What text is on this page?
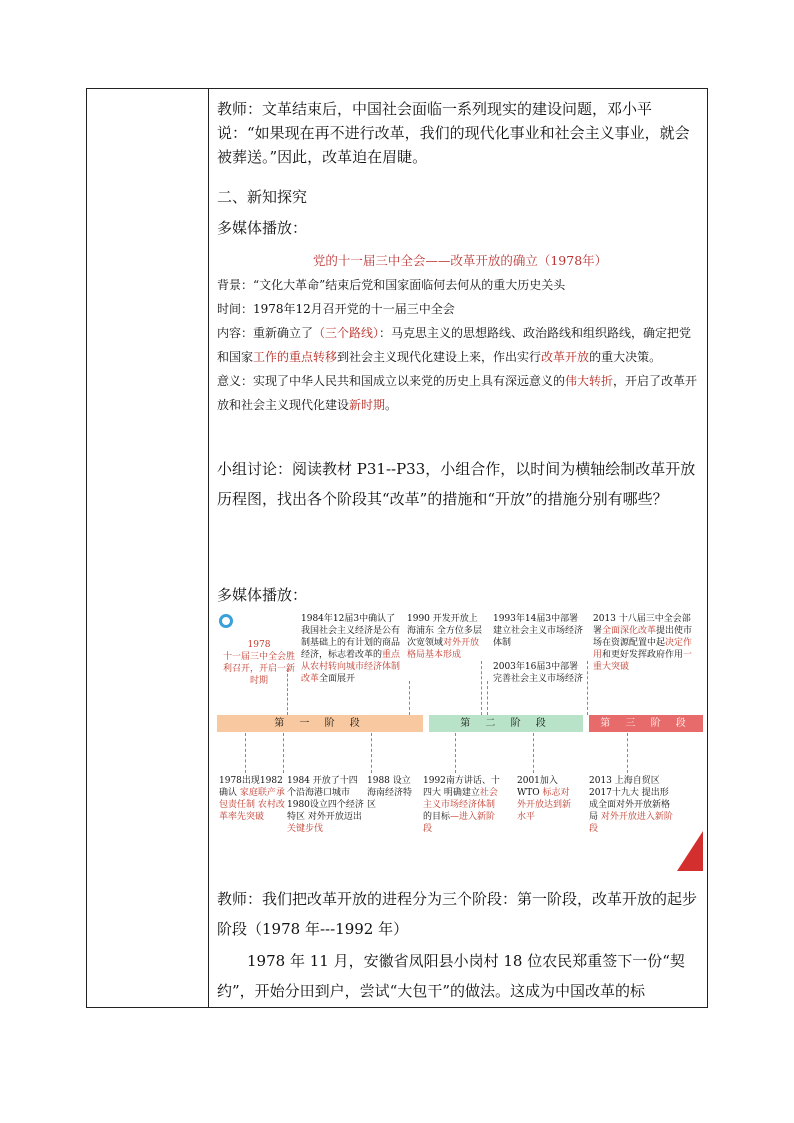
教师：文革结束后，中国社会面临一系列现实的建设问题，邓小平说：“如果现在再不进行改革，我们的现代化事业和社会主义事业，就会被葬送。”因此，改革迫在眉睫。

二、新知探究

多媒体播放：

党的十一届三中全会——改革开放的确立（1978年）

背景：“文化大革命”结束后党和国家面临何去何从的重大历史关头

时间：1978年12月召开党的十一届三中全会

内容：重新确立了（三个路线）：马克思主义的思想路线、政治路线和组织路线，确定把党和国家工作的重点转移到社会主义现代化建设上来，作出实行改革开放的重大决策。

意义：实现了中华人民共和国成立以来党的历史上具有深远意义的伟大转折，开启了改革开放和社会主义现代化建设新时期。

小组讨论：阅读教材 P31--P33，小组合作，以时间为横轴绘制改革开放历程图，找出各个阶段其“改革”的措施和“开放”的措施分别有哪些？

多媒体播放：

1978
十一届三中全会胜利召开，开启一新时期
1984年12届3中确认了我国社会主义经济是公有制基础上的有计划的商品经济，标志着改革的重点从农村转向城市经济体制改革全面展开
1990 开发开放上海浦东 全方位多层次宽领域对外开放格局基本形成
1993年14届3中部署建立社会主义市场经济体制
2003年16届3中部署完善社会主义市场经济
2013 十八届三中全会部署全面深化改革提出使市场在资源配置中起决定作用和更好发挥政府作用一重大突破
第 一 阶 段	第 二 阶 段	第 三 阶 段
1978出现1982确认 家庭联产承包责任制 农村改革率先突破
1984 开放了十四个沿海港口城市1980设立四个经济特区 对外开放迈出关键步伐
1988 设立海南经济特区
1992南方讲话、十四大 明确建立社会主义市场经济体制的目标—进入新阶段
2001加入WTO 标志对外开放达到新水平
2013 上海自贸区 2017十九大 提出形成全面对外开放新格局 对外开放进入新阶段

教师：我们把改革开放的进程分为三个阶段：第一阶段，改革开放的起步阶段（1978 年---1992 年）

1978 年 11 月，安徽省凤阳县小岗村 18 位农民郑重签下一份“契约”，开始分田到户，尝试“大包干”的做法。这成为中国改革的标
